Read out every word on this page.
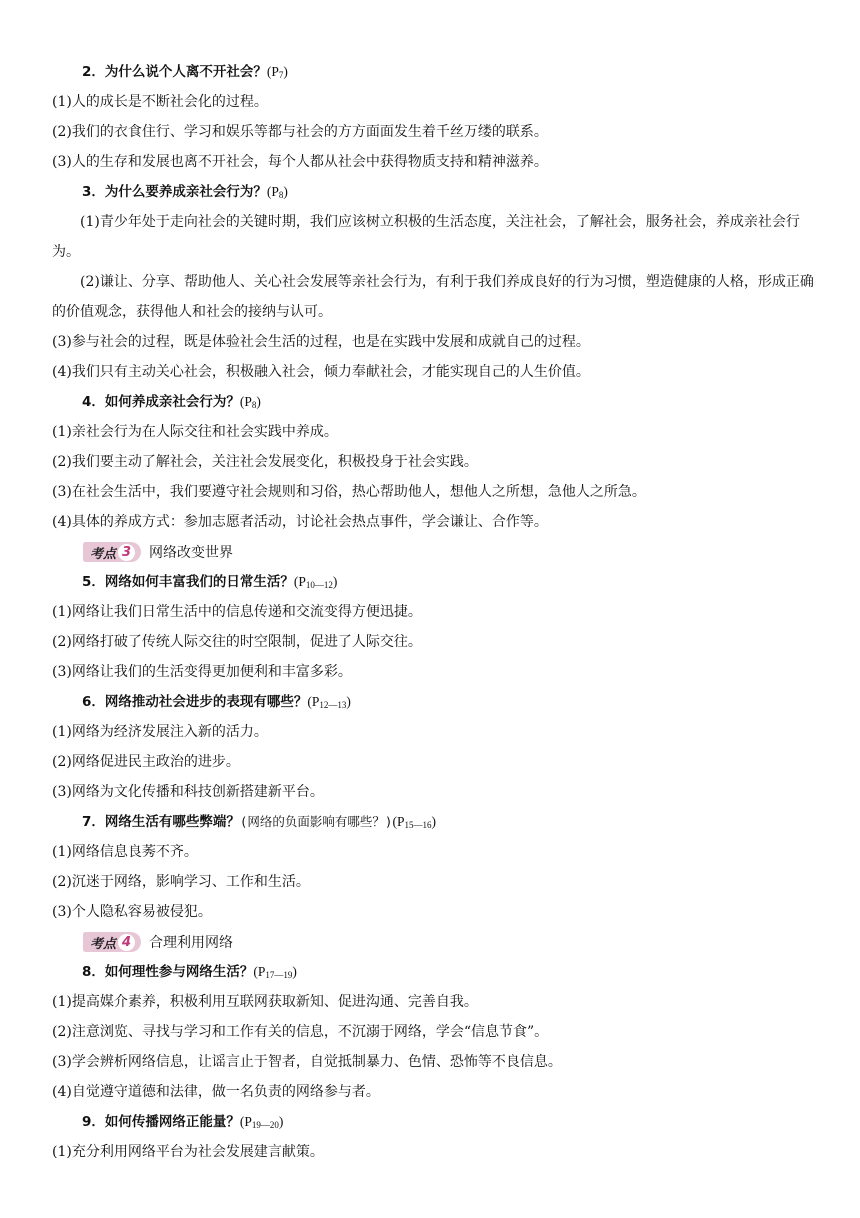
2．为什么说个人离不开社会？$(P_7)$
(1)人的成长是不断社会化的过程。
(2)我们的衣食住行、学习和娱乐等都与社会的方方面面发生着千丝万缕的联系。
(3)人的生存和发展也离不开社会，每个人都从社会中获得物质支持和精神滋养。
3．为什么要养成亲社会行为？$(P_8)$
(1)青少年处于走向社会的关键时期，我们应该树立积极的生活态度，关注社会，了解社会，服务社会，养成亲社会行为。
(2)谦让、分享、帮助他人、关心社会发展等亲社会行为，有利于我们养成良好的行为习惯，塑造健康的人格，形成正确的价值观念，获得他人和社会的接纳与认可。
(3)参与社会的过程，既是体验社会生活的过程，也是在实践中发展和成就自己的过程。
(4)我们只有主动关心社会，积极融入社会，倾力奉献社会，才能实现自己的人生价值。
4．如何养成亲社会行为？$(P_8)$
(1)亲社会行为在人际交往和社会实践中养成。
(2)我们要主动了解社会，关注社会发展变化，积极投身于社会实践。
(3)在社会生活中，我们要遵守社会规则和习俗，热心帮助他人，想他人之所想，急他人之所急。
(4)具体的养成方式：参加志愿者活动，讨论社会热点事件，学会谦让、合作等。
考点 3 网络改变世界
5．网络如何丰富我们的日常生活？$(P_{10—12})$
(1)网络让我们日常生活中的信息传递和交流变得方便迅捷。
(2)网络打破了传统人际交往的时空限制，促进了人际交往。
(3)网络让我们的生活变得更加便利和丰富多彩。
6．网络推动社会进步的表现有哪些？$(P_{12—13})$
(1)网络为经济发展注入新的活力。
(2)网络促进民主政治的进步。
(3)网络为文化传播和科技创新搭建新平台。
7．网络生活有哪些弊端？(网络的负面影响有哪些？)$(P_{15—16})$
(1)网络信息良莠不齐。
(2)沉迷于网络，影响学习、工作和生活。
(3)个人隐私容易被侵犯。
考点 4 合理利用网络
8．如何理性参与网络生活？$(P_{17—19})$
(1)提高媒介素养，积极利用互联网获取新知、促进沟通、完善自我。
(2)注意浏览、寻找与学习和工作有关的信息，不沉溺于网络，学会“信息节食”。
(3)学会辨析网络信息，让谣言止于智者，自觉抵制暴力、色情、恐怖等不良信息。
(4)自觉遵守道德和法律，做一名负责的网络参与者。
9．如何传播网络正能量？$(P_{19—20})$
(1)充分利用网络平台为社会发展建言献策。
